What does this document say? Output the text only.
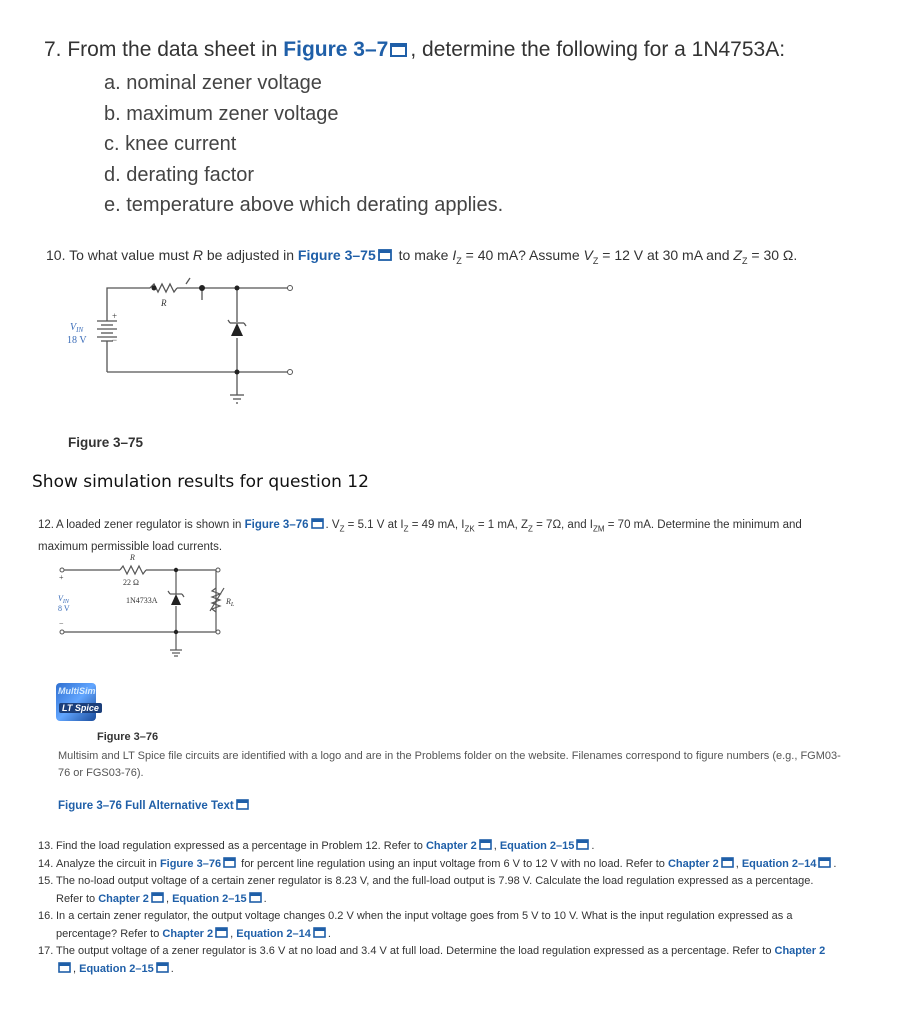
7. From the data sheet in Figure 3–7 , determine the following for a 1N4753A:
a. nominal zener voltage
b. maximum zener voltage
c. knee current
d. derating factor
e. temperature above which derating applies.
10. To what value must R be adjusted in Figure 3–75 to make $I_Z = 40$ mA? Assume $V_Z = 12$ V at 30 mA and $Z_Z = 30$ Ω.
R
+
−
$V_{IN}$
18 V
Figure 3–75
Show simulation results for question 12
12. A loaded zener regulator is shown in Figure 3–76 . $V_Z = 5.1$ V at $I_Z = 49$ mA, $I_{ZK} = 1$ mA, $Z_Z = 7\Omega$, and $I_{ZM} = 70$ mA. Determine the minimum and maximum permissible load currents.
R
22 Ω
+
−
$V_{IN}$
8 V
1N4733A	$R_L$
MultiSim
LT Spice
Figure 3–76
Multisim and LT Spice file circuits are identified with a logo and are in the Problems folder on the website. Filenames correspond to figure numbers (e.g., FGM03-76 or FGS03-76).
Figure 3–76 Full Alternative Text

13. Find the load regulation expressed as a percentage in Problem 12. Refer to Chapter 2 , Equation 2–15 .

14. Analyze the circuit in Figure 3–76 for percent line regulation using an input voltage from 6 V to 12 V with no load. Refer to Chapter 2 , Equation 2–14 .

15. The no-load output voltage of a certain zener regulator is 8.23 V, and the full-load output is 7.98 V. Calculate the load regulation expressed as a percentage. Refer to Chapter 2 , Equation 2–15 .

16. In a certain zener regulator, the output voltage changes 0.2 V when the input voltage goes from 5 V to 10 V. What is the input regulation expressed as a percentage? Refer to Chapter 2 , Equation 2–14 .

17. The output voltage of a zener regulator is 3.6 V at no load and 3.4 V at full load. Determine the load regulation expressed as a percentage. Refer to Chapter 2, Equation 2–15 .
